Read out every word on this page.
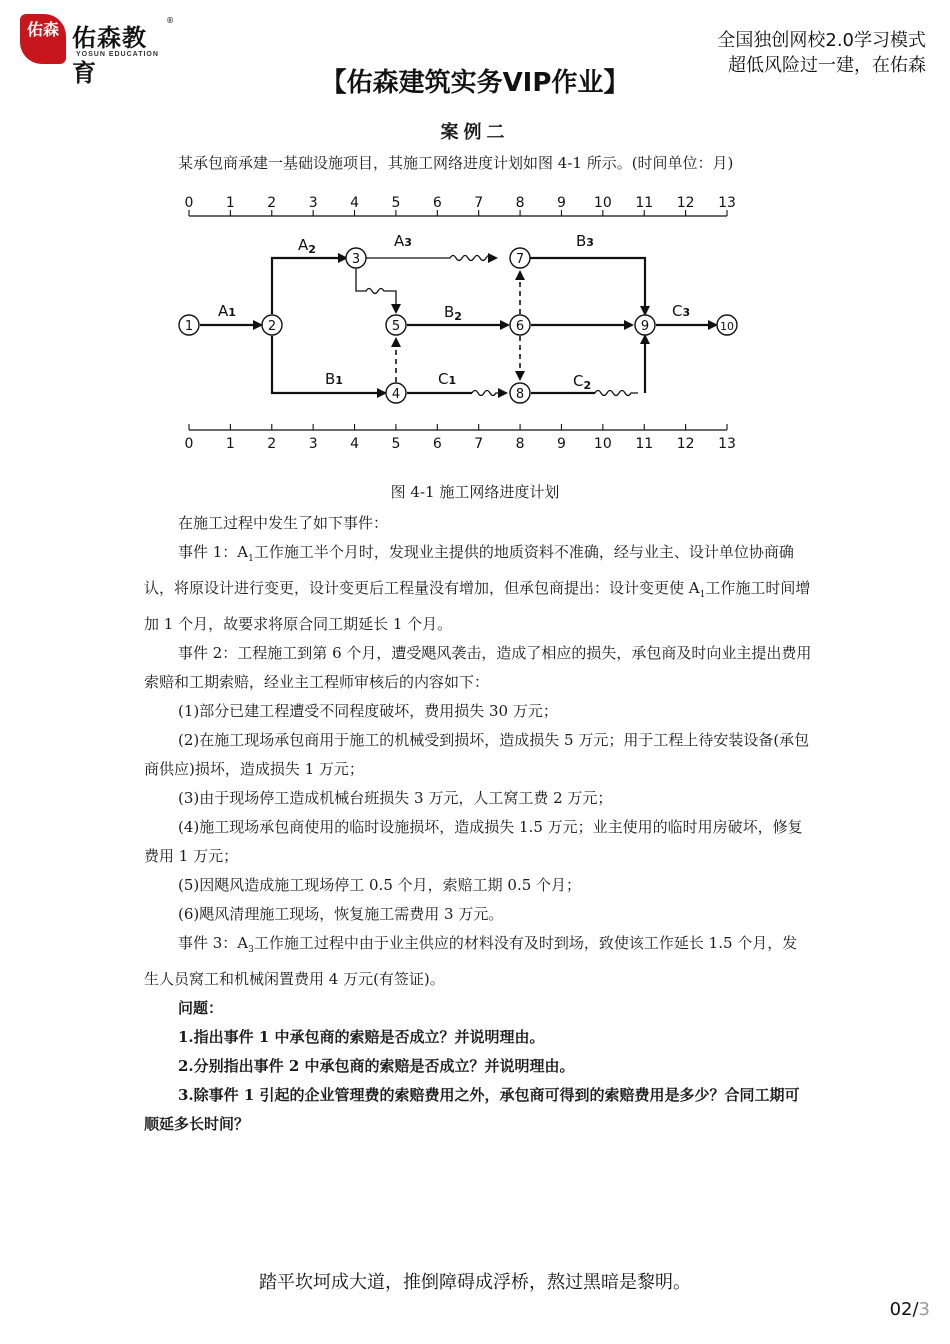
佑森 佑森教育
®
YOSUN EDUCATION
全国独创网校2.0学习模式
超低风险过一建，在佑森
【佑森建筑实务VIP作业】
案例二
某承包商承建一基础设施项目，其施工网络进度计划如图 4-1 所示。(时间单位：月)
0 1 2 3 4 5 6 7 8 9 10 11 12 13
0 1 2 3 4 5 6 7 8 9 10 11 12 13
1	2
3
5
7
6
4	8
9	10
A1
$A_2$	A3
B1
$B_2$
B3
C1	$C_2$
C3
图 4-1 施工网络进度计划

在施工过程中发生了如下事件：

事件 1：$A_1$工作施工半个月时，发现业主提供的地质资料不准确，经与业主、设计单位协商确认，将原设计进行变更，设计变更后工程量没有增加，但承包商提出：设计变更使 $A_1$工作施工时间增加 1 个月，故要求将原合同工期延长 1 个月。

事件 2：工程施工到第 6 个月，遭受飓风袭击，造成了相应的损失，承包商及时向业主提出费用索赔和工期索赔，经业主工程师审核后的内容如下：

(1)部分已建工程遭受不同程度破坏，费用损失 30 万元；

(2)在施工现场承包商用于施工的机械受到损坏，造成损失 5 万元；用于工程上待安装设备(承包商供应)损坏，造成损失 1 万元；

(3)由于现场停工造成机械台班损失 3 万元，人工窝工费 2 万元；

(4)施工现场承包商使用的临时设施损坏，造成损失 1.5 万元；业主使用的临时用房破坏，修复费用 1 万元；

(5)因飓风造成施工现场停工 0.5 个月，索赔工期 0.5 个月；

(6)飓风清理施工现场，恢复施工需费用 3 万元。

事件 3：$A_3$工作施工过程中由于业主供应的材料没有及时到场，致使该工作延长 1.5 个月，发生人员窝工和机械闲置费用 4 万元(有签证)。

问题：

1.指出事件 1 中承包商的索赔是否成立？并说明理由。

2.分别指出事件 2 中承包商的索赔是否成立？并说明理由。

3.除事件 1 引起的企业管理费的索赔费用之外，承包商可得到的索赔费用是多少？合同工期可顺延多长时间？

踏平坎坷成大道，推倒障碍成浮桥，熬过黑暗是黎明。
02/3
